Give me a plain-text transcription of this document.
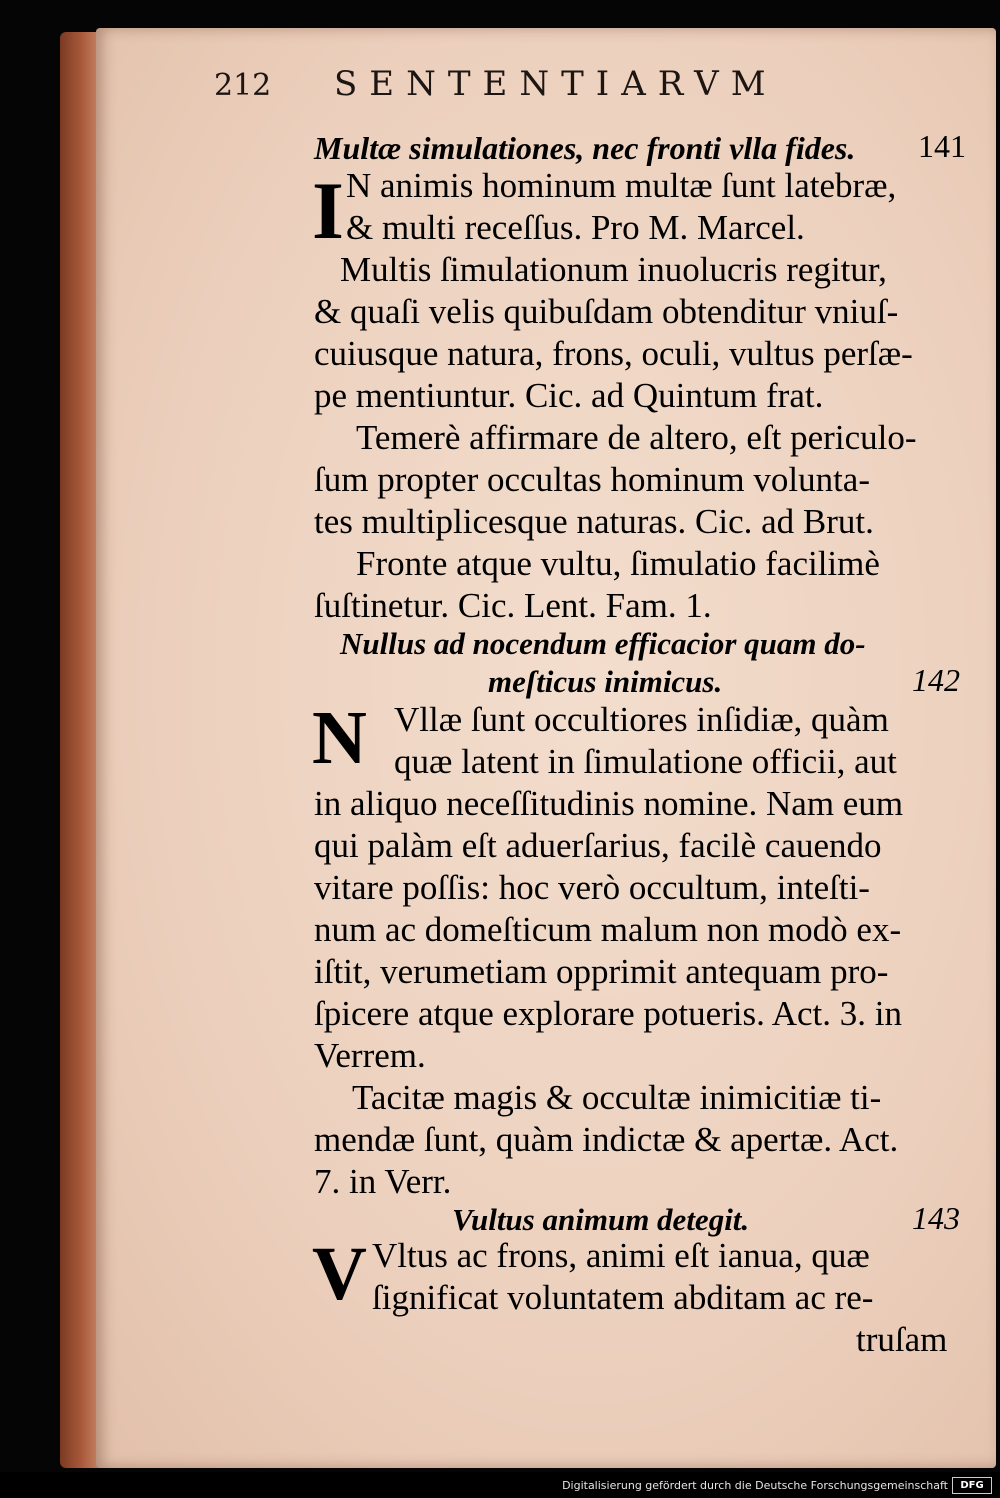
212	SENTENTIARVM
Multæ simulationes, nec fronti vlla fides. 141
I N animis hominum multæ ſunt latebræ,
& multi receſſus. Pro M. Marcel.
Multis ſimulationum inuolucris regitur,
& quaſi velis quibuſdam obtenditur vniuſ-
cuiusque natura, frons, oculi, vultus perſæ-
pe mentiuntur. Cic. ad Quintum frat.
Temerè affirmare de altero, eſt periculo-
ſum propter occultas hominum volunta-
tes multiplicesque naturas. Cic. ad Brut.
Fronte atque vultu, ſimulatio facilimè
ſuſtinetur. Cic. Lent. Fam. 1.
Nullus ad nocendum efficacior quam do-
meſticus inimicus.	142
N Vllæ ſunt occultiores inſidiæ, quàm
quæ latent in ſimulatione officii, aut
in aliquo neceſſitudinis nomine. Nam eum
qui palàm eſt aduerſarius, facilè cauendo
vitare poſſis: hoc verò occultum, inteſti-
num ac domeſticum malum non modò ex-
iſtit, verumetiam opprimit antequam pro-
ſpicere atque explorare potueris. Act. 3. in
Verrem.
Tacitæ magis & occultæ inimicitiæ ti-
mendæ ſunt, quàm indictæ & apertæ. Act.
7. in Verr.
Vultus animum detegit.	143
V Vltus ac frons, animi eſt ianua, quæ
ſignificat voluntatem abditam ac re-
truſam
Digitalisierung gefördert durch die Deutsche Forschungsgemeinschaft	DFG
